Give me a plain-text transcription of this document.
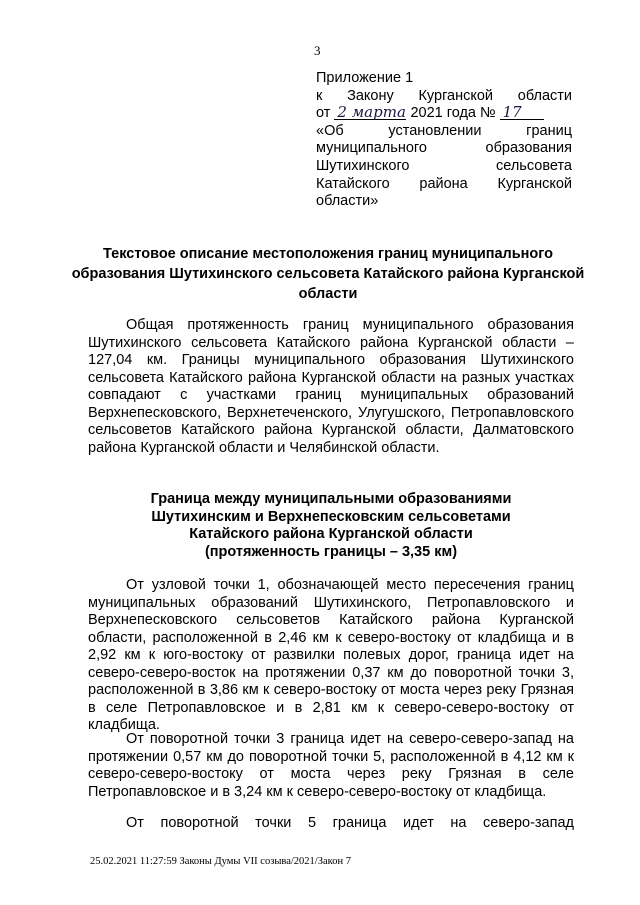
3
Приложение 1
к Закону Курганской области
от 2 марта 2021 года № 17
«Об установлении границ
муниципального образования
Шутихинского сельсовета
Катайского района Курганской
области»
Текстовое описание местоположения границ муниципального образования Шутихинского сельсовета Катайского района Курганской области
Общая протяженность границ муниципального образования Шутихинского сельсовета Катайского района Курганской области – 127,04 км. Границы муниципального образования Шутихинского сельсовета Катайского района Курганской области на разных участках совпадают с участками границ муниципальных образований Верхнепесковского, Верхнетеченского, Улугушского, Петропавловского сельсоветов Катайского района Курганской области, Далматовского района Курганской области и Челябинской области.
Граница между муниципальными образованиями
Шутихинским и Верхнепесковским сельсоветами
Катайского района Курганской области
(протяженность границы – 3,35 км)
От узловой точки 1, обозначающей место пересечения границ муниципальных образований Шутихинского, Петропавловского и Верхнепесковского сельсоветов Катайского района Курганской области, расположенной в 2,46 км к северо-востоку от кладбища и в 2,92 км к юго-востоку от развилки полевых дорог, граница идет на северо-северо-восток на протяжении 0,37 км до поворотной точки 3, расположенной в 3,86 км к северо-востоку от моста через реку Грязная в селе Петропавловское и в 2,81 км к северо-северо-востоку от кладбища.
От поворотной точки 3 граница идет на северо-северо-запад на протяжении 0,57 км до поворотной точки 5, расположенной в 4,12 км к северо-северо-востоку от моста через реку Грязная в селе Петропавловское и в 3,24 км к северо-северо-востоку от кладбища.
От поворотной точки 5 граница идет на северо-запад
25.02.2021 11:27:59 Законы Думы VII созыва/2021/Закон 7
